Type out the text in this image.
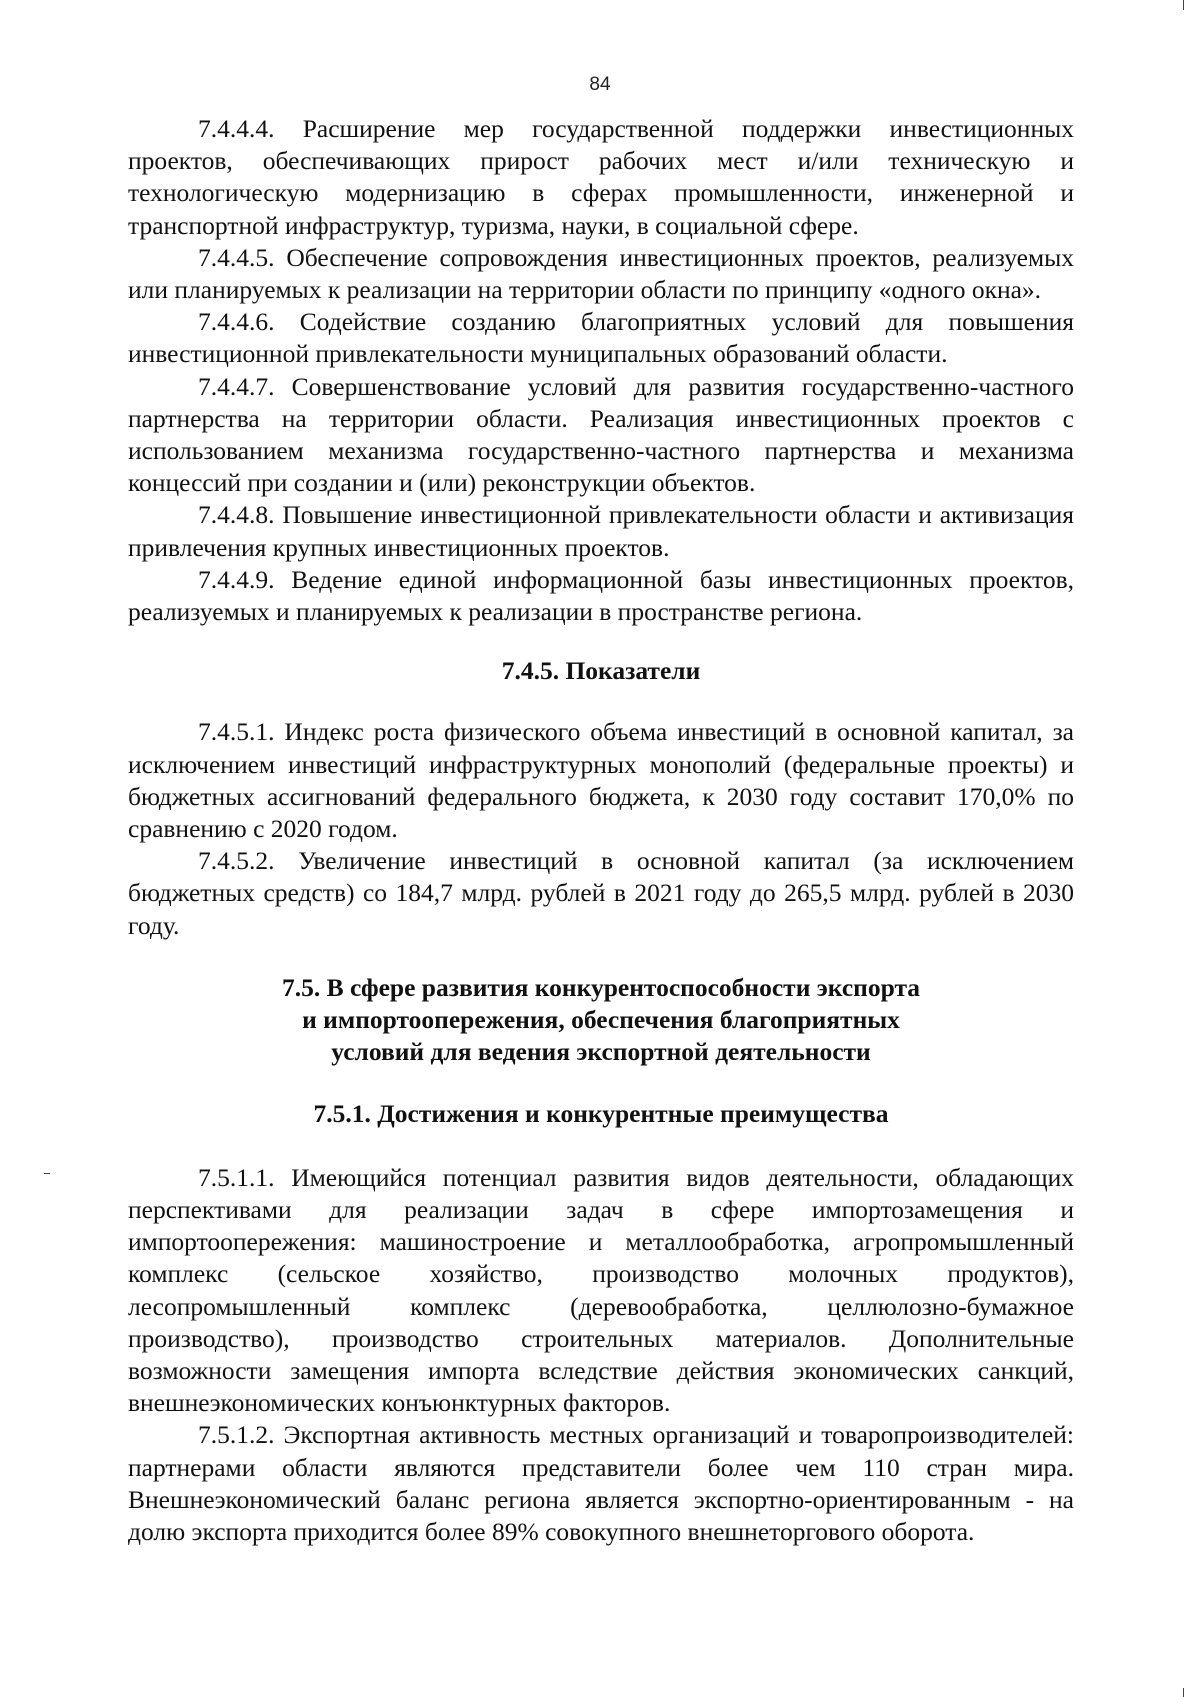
84

7.4.4.4. Расширение мер государственной поддержки инвестиционных проектов, обеспечивающих прирост рабочих мест и/или техническую и технологическую модернизацию в сферах промышленности, инженерной и транспортной инфраструктур, туризма, науки, в социальной сфере.

7.4.4.5. Обеспечение сопровождения инвестиционных проектов, реализуемых или планируемых к реализации на территории области по принципу «одного окна».

7.4.4.6. Содействие созданию благоприятных условий для повышения инвестиционной привлекательности муниципальных образований области.

7.4.4.7. Совершенствование условий для развития государственно-частного партнерства на территории области. Реализация инвестиционных проектов с использованием механизма государственно-частного партнерства и механизма концессий при создании и (или) реконструкции объектов.

7.4.4.8. Повышение инвестиционной привлекательности области и активизация привлечения крупных инвестиционных проектов.

7.4.4.9. Ведение единой информационной базы инвестиционных проектов, реализуемых и планируемых к реализации в пространстве региона.

7.4.5. Показатели

7.4.5.1. Индекс роста физического объема инвестиций в основной капитал, за исключением инвестиций инфраструктурных монополий (федеральные проекты) и бюджетных ассигнований федерального бюджета, к 2030 году составит 170,0% по сравнению с 2020 годом.

7.4.5.2. Увеличение инвестиций в основной капитал (за исключением бюджетных средств) со 184,7 млрд. рублей в 2021 году до 265,5 млрд. рублей в 2030 году.

7.5. В сфере развития конкурентоспособности экспорта
и импортоопережения, обеспечения благоприятных
условий для ведения экспортной деятельности
7.5.1. Достижения и конкурентные преимущества

7.5.1.1. Имеющийся потенциал развития видов деятельности, обладающих перспективами для реализации задач в сфере импортозамещения и импортоопережения: машиностроение и металлообработка, агропромышленный комплекс (сельское хозяйство, производство молочных продуктов), лесопромышленный комплекс (деревообработка, целлюлозно-бумажное производство), производство строительных материалов. Дополнительные возможности замещения импорта вследствие действия экономических санкций, внешнеэкономических конъюнктурных факторов.

7.5.1.2. Экспортная активность местных организаций и товаропроизводителей: партнерами области являются представители более чем 110 стран мира. Внешнеэкономический баланс региона является экспортно-ориентированным - на долю экспорта приходится более 89% совокупного внешнеторгового оборота.
